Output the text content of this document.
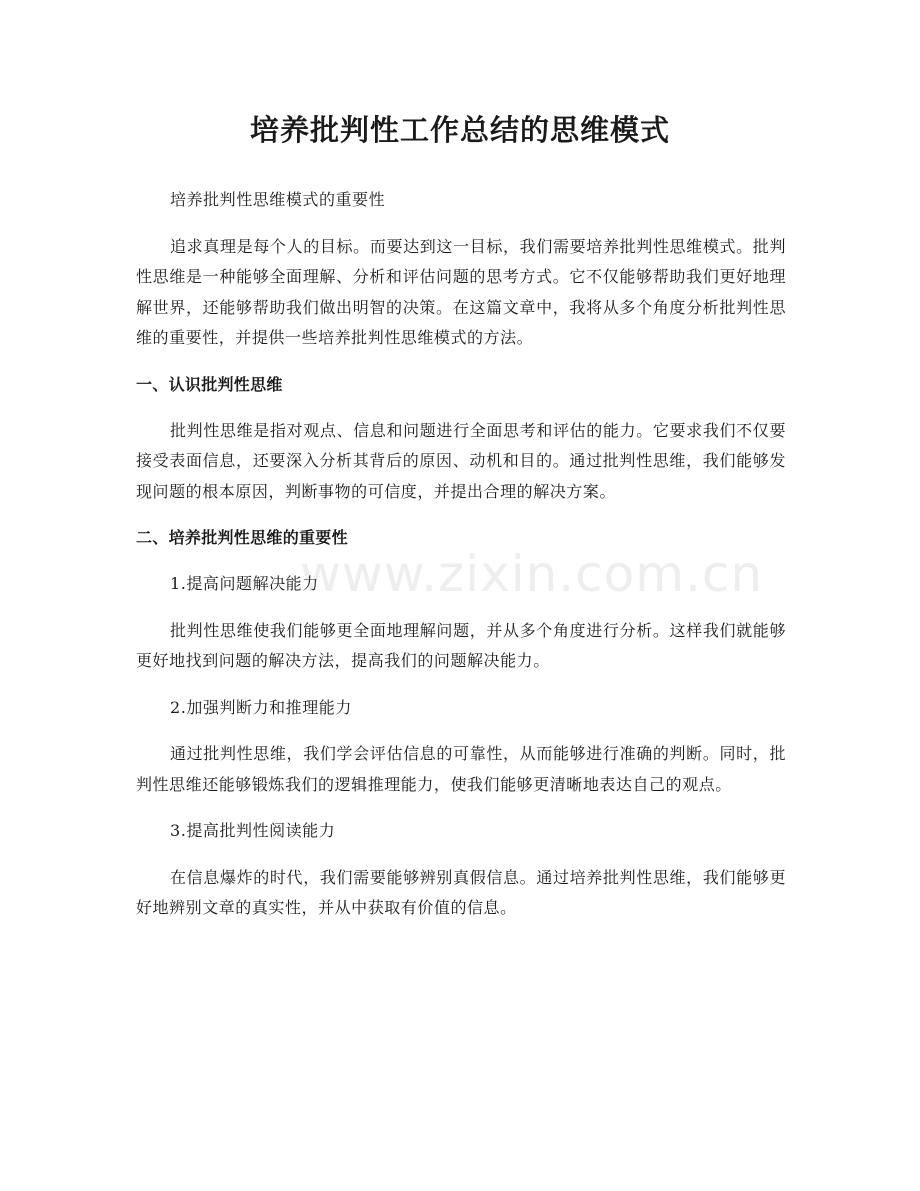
培养批判性工作总结的思维模式

培养批判性思维模式的重要性

追求真理是每个人的目标。而要达到这一目标，我们需要培养批判性思维模式。批判性思维是一种能够全面理解、分析和评估问题的思考方式。它不仅能够帮助我们更好地理解世界，还能够帮助我们做出明智的决策。在这篇文章中，我将从多个角度分析批判性思维的重要性，并提供一些培养批判性思维模式的方法。

一、认识批判性思维

批判性思维是指对观点、信息和问题进行全面思考和评估的能力。它要求我们不仅要接受表面信息，还要深入分析其背后的原因、动机和目的。通过批判性思维，我们能够发现问题的根本原因，判断事物的可信度，并提出合理的解决方案。

二、培养批判性思维的重要性

1.提高问题解决能力

批判性思维使我们能够更全面地理解问题，并从多个角度进行分析。这样我们就能够更好地找到问题的解决方法，提高我们的问题解决能力。

2.加强判断力和推理能力

通过批判性思维，我们学会评估信息的可靠性，从而能够进行准确的判断。同时，批判性思维还能够锻炼我们的逻辑推理能力，使我们能够更清晰地表达自己的观点。

3.提高批判性阅读能力

在信息爆炸的时代，我们需要能够辨别真假信息。通过培养批判性思维，我们能够更好地辨别文章的真实性，并从中获取有价值的信息。

www.zixin.com.cn
